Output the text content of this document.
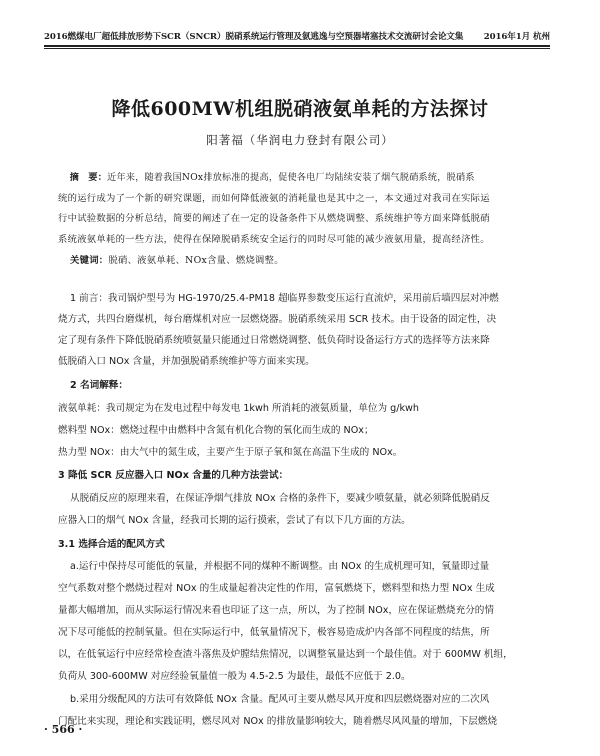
2016燃煤电厂超低排放形势下SCR（SNCR）脱硝系统运行管理及氨逃逸与空预器堵塞技术交流研讨会论文集 2016年1月 杭州
降低600MW机组脱硝液氨单耗的方法探讨
阳著福（华润电力登封有限公司）
摘　要：近年来，随着我国NOx排放标准的提高，促使各电厂均陆续安装了烟气脱硝系统，脱硝系
统的运行成为了一个新的研究课题，而如何降低液氨的消耗量也是其中之一，本文通过对我司在实际运
行中试验数据的分析总结，简要的阐述了在一定的设备条件下从燃烧调整、系统维护等方面来降低脱硝
系统液氨单耗的一些方法，使得在保障脱硝系统安全运行的同时尽可能的减少液氨用量，提高经济性。
关键词：脱硝、液氨单耗、NOx含量、燃烧调整。
1 前言：我司锅炉型号为 HG-1970/25.4-PM18 超临界参数变压运行直流炉，采用前后墙四层对冲燃
烧方式，共四台磨煤机，每台磨煤机对应一层燃烧器。脱硝系统采用 SCR 技术。由于设备的固定性，决
定了现有条件下降低脱硝系统喷氨量只能通过日常燃烧调整、低负荷时设备运行方式的选择等方法来降
低脱硝入口 NOx 含量，并加强脱硝系统维护等方面来实现。
2 名词解释：
液氨单耗：我司规定为在发电过程中每发电 1kwh 所消耗的液氨质量，单位为 g/kwh
燃料型 NOx：燃烧过程中由燃料中含氮有机化合物的氧化而生成的 NOx；
热力型 NOx：由大气中的氮生成，主要产生于原子氧和氮在高温下生成的 NOx。
3 降低 SCR 反应器入口 NOx 含量的几种方法尝试：
从脱硝反应的原理来看，在保证净烟气排放 NOx 合格的条件下，要减少喷氨量，就必须降低脱硝反
应器入口的烟气 NOx 含量，经我司长期的运行摸索，尝试了有以下几方面的方法。
3.1 选择合适的配风方式
a.运行中保持尽可能低的氧量，并根据不同的煤种不断调整。由 NOx 的生成机理可知，氧量即过量
空气系数对整个燃烧过程对 NOx 的生成量起着决定性的作用，富氧燃烧下，燃料型和热力型 NOx 生成
量都大幅增加，而从实际运行情况来看也印证了这一点，所以，为了控制 NOx，应在保证燃烧充分的情
况下尽可能低的控制氧量。但在实际运行中，低氧量情况下，极容易造成炉内各部不同程度的结焦，所
以，在低氧运行中应经常检查渣斗落焦及炉膛结焦情况，以调整氧量达到一个最佳值。对于 600MW 机组，
负荷从 300-600MW 对应经验氧量值一般为 4.5-2.5 为最佳，最低不应低于 2.0。
b.采用分级配风的方法可有效降低 NOx 含量。配风可主要从燃尽风开度和四层燃烧器对应的二次风
门配比来实现，理论和实践证明，燃尽风对 NOx 的排放量影响较大，随着燃尽风风量的增加，下层燃烧
· 566 ·
